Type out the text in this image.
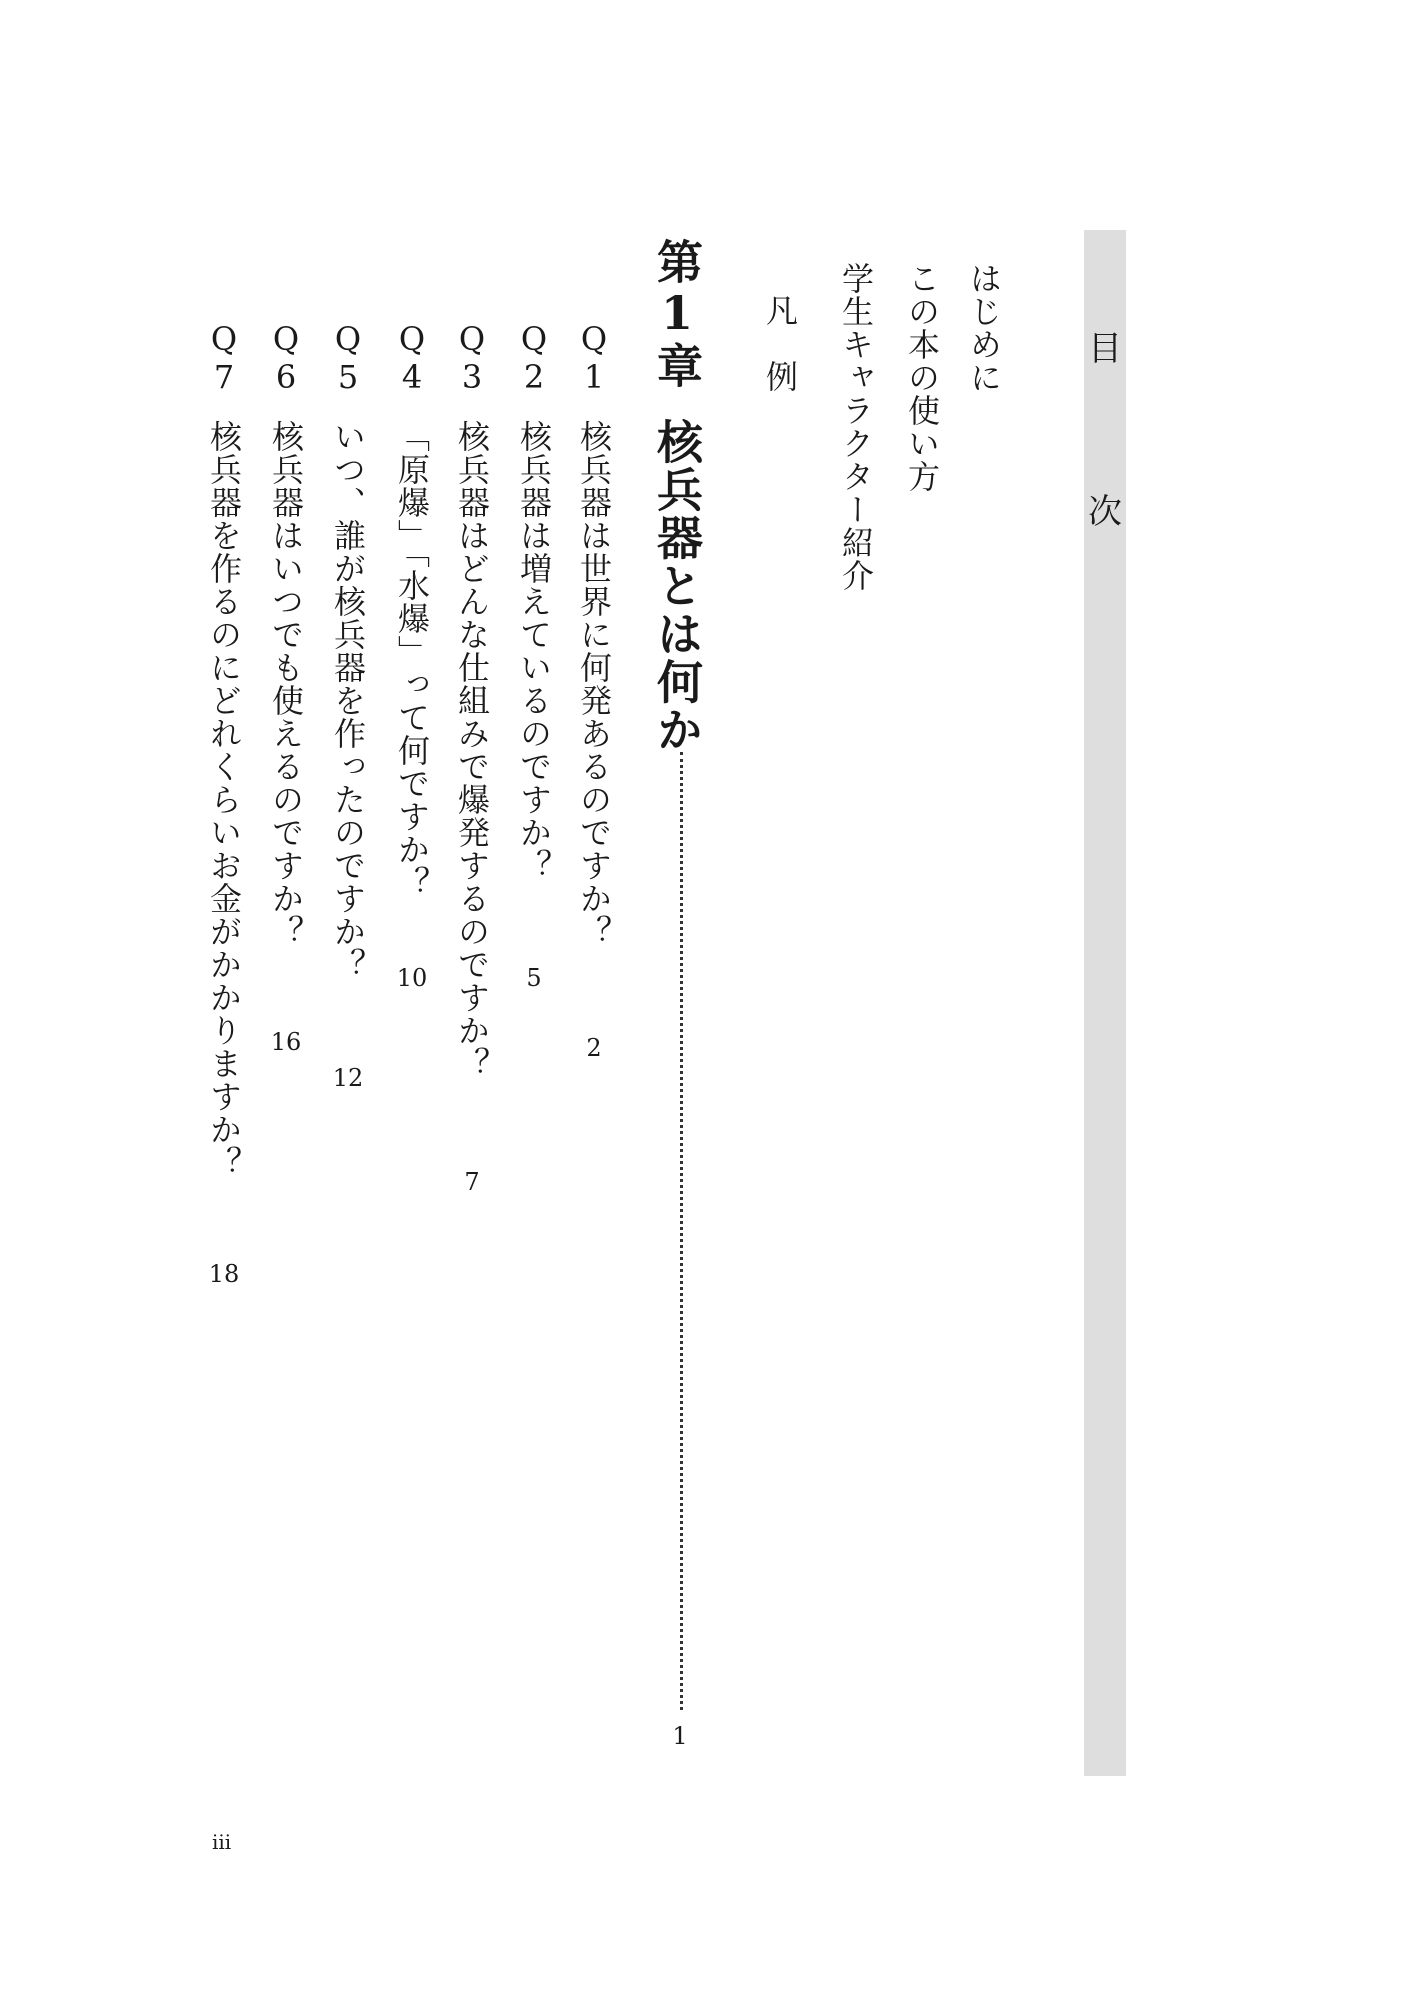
目
次
はじめに
この本の使い方
学生キャラクター紹介
凡　例
第1章
核兵器とは何か
1
Q1
核兵器は世界に何発あるのですか？
2
Q2
核兵器は増えているのですか？
5
Q3
核兵器はどんな仕組みで爆発するのですか？
7
Q4
「原爆」「水爆」って何ですか？
10
Q5
いつ、誰が核兵器を作ったのですか？
12
Q6
核兵器はいつでも使えるのですか？
16
Q7
核兵器を作るのにどれくらいお金がかかりますか？
18
iii
